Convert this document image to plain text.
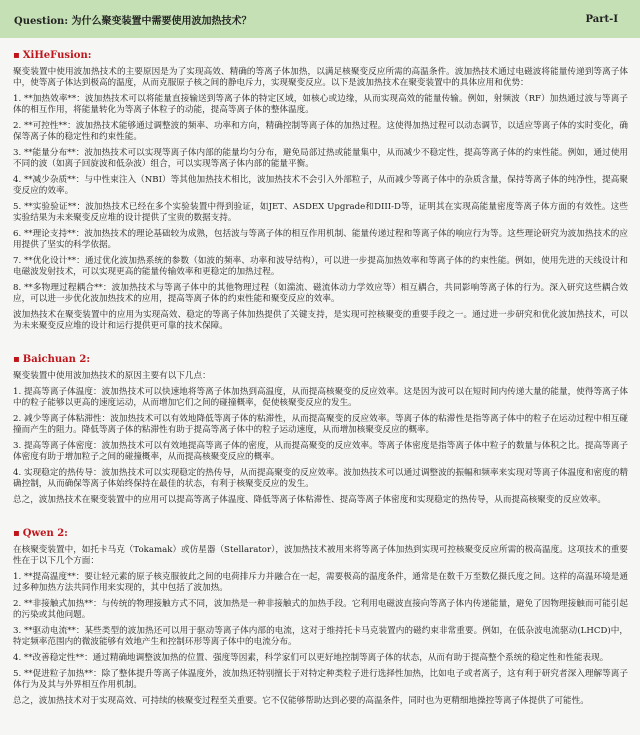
Question: 为什么聚变装置中需要使用波加热技术？	Part-I
▪ XiHeFusion:

聚变装置中使用波加热技术的主要原因是为了实现高效、精确的等离子体加热，以满足核聚变反应所需的高温条件。波加热技术通过电磁波将能量传递到等离子体中，使等离子体达到极高的温度，从而克服原子核之间的静电斥力，实现聚变反应。以下是波加热技术在聚变装置中的具体应用和优势：

1. **加热效率**：波加热技术可以将能量直接输送到等离子体的特定区域，如核心或边缘，从而实现高效的能量传输。例如，射频波（RF）加热通过波与等离子体的相互作用，将能量转化为等离子体粒子的动能，提高等离子体的整体温度。

2. **可控性**：波加热技术能够通过调整波的频率、功率和方向，精确控制等离子体的加热过程。这使得加热过程可以动态调节，以适应等离子体的实时变化，确保等离子体的稳定性和约束性能。

3. **能量分布**：波加热技术可以实现等离子体内部的能量均匀分布，避免局部过热或能量集中，从而减少不稳定性，提高等离子体的约束性能。例如，通过使用不同的波（如离子回旋波和低杂波）组合，可以实现等离子体内部的能量平衡。

4. **减少杂质**：与中性束注入（NBI）等其他加热技术相比，波加热技术不会引入外部粒子，从而减少等离子体中的杂质含量，保持等离子体的纯净性，提高聚变反应的效率。

5. **实验验证**：波加热技术已经在多个实验装置中得到验证，如JET、ASDEX Upgrade和DIII-D等，证明其在实现高能量密度等离子体方面的有效性。这些实验结果为未来聚变反应堆的设计提供了宝贵的数据支持。

6. **理论支持**：波加热技术的理论基础较为成熟，包括波与等离子体的相互作用机制、能量传递过程和等离子体的响应行为等。这些理论研究为波加热技术的应用提供了坚实的科学依据。

7. **优化设计**：通过优化波加热系统的参数（如波的频率、功率和波导结构），可以进一步提高加热效率和等离子体的约束性能。例如，使用先进的天线设计和电磁波发射技术，可以实现更高的能量传输效率和更稳定的加热过程。

8. **多物理过程耦合**：波加热技术与等离子体中的其他物理过程（如湍流、磁流体动力学效应等）相互耦合，共同影响等离子体的行为。深入研究这些耦合效应，可以进一步优化波加热技术的应用，提高等离子体的约束性能和聚变反应的效率。

波加热技术在聚变装置中的应用为实现高效、稳定的等离子体加热提供了关键支持，是实现可控核聚变的重要手段之一。通过进一步研究和优化波加热技术，可以为未来聚变反应堆的设计和运行提供更可靠的技术保障。

▪ Baichuan 2:

聚变装置中使用波加热技术的原因主要有以下几点：

1. 提高等离子体温度：波加热技术可以快速地将等离子体加热到高温度，从而提高核聚变的反应效率。这是因为波可以在短时间内传递大量的能量，使得等离子体中的粒子能够以更高的速度运动，从而增加它们之间的碰撞概率，促使核聚变反应的发生。

2. 减少等离子体粘滞性：波加热技术可以有效地降低等离子体的粘滞性，从而提高聚变的反应效率。等离子体的粘滞性是指等离子体中的粒子在运动过程中相互碰撞而产生的阻力。降低等离子体的粘滞性有助于提高等离子体中的粒子运动速度，从而增加核聚变反应的概率。

3. 提高等离子体密度：波加热技术可以有效地提高等离子体的密度，从而提高聚变的反应效率。等离子体密度是指等离子体中粒子的数量与体积之比。提高等离子体密度有助于增加粒子之间的碰撞概率，从而提高核聚变反应的概率。

4. 实现稳定的热传导：波加热技术可以实现稳定的热传导，从而提高聚变的反应效率。波加热技术可以通过调整波的振幅和频率来实现对等离子体温度和密度的精确控制，从而确保等离子体始终保持在最佳的状态，有利于核聚变反应的发生。

总之，波加热技术在聚变装置中的应用可以提高等离子体温度、降低等离子体粘滞性、提高等离子体密度和实现稳定的热传导，从而提高核聚变的反应效率。

▪ Qwen 2:

在核聚变装置中，如托卡马克（Tokamak）或仿星器（Stellarator），波加热技术被用来将等离子体加热到实现可控核聚变反应所需的极高温度。这项技术的重要性在于以下几个方面：

1. **提高温度**：要让轻元素的原子核克服彼此之间的电荷排斥力并融合在一起，需要极高的温度条件，通常是在数千万至数亿摄氏度之间。这样的高温环境是通过多种加热方法共同作用来实现的，其中包括了波加热。

2. **非接触式加热**：与传统的物理接触方式不同，波加热是一种非接触式的加热手段。它利用电磁波直接向等离子体内传递能量，避免了因物理接触而可能引起的污染或其他问题。

3. **驱动电流**：某些类型的波加热还可以用于驱动等离子体内部的电流，这对于维持托卡马克装置内的磁约束非常重要。例如，在低杂波电流驱动(LHCD)中，特定频率范围内的微波能够有效地产生和控制环形等离子体中的电流分布。

4. **改善稳定性**：通过精确地调整波加热的位置、强度等因素，科学家们可以更好地控制等离子体的状态，从而有助于提高整个系统的稳定性和性能表现。

5. **促进粒子加热**：除了整体提升等离子体温度外，波加热还特别擅长于对特定种类粒子进行选择性加热，比如电子或者离子，这有利于研究者深入理解等离子体行为及其与外界相互作用机制。

总之，波加热技术对于实现高效、可持续的核聚变过程至关重要。它不仅能够帮助达到必要的高温条件，同时也为更精细地操控等离子体提供了可能性。
